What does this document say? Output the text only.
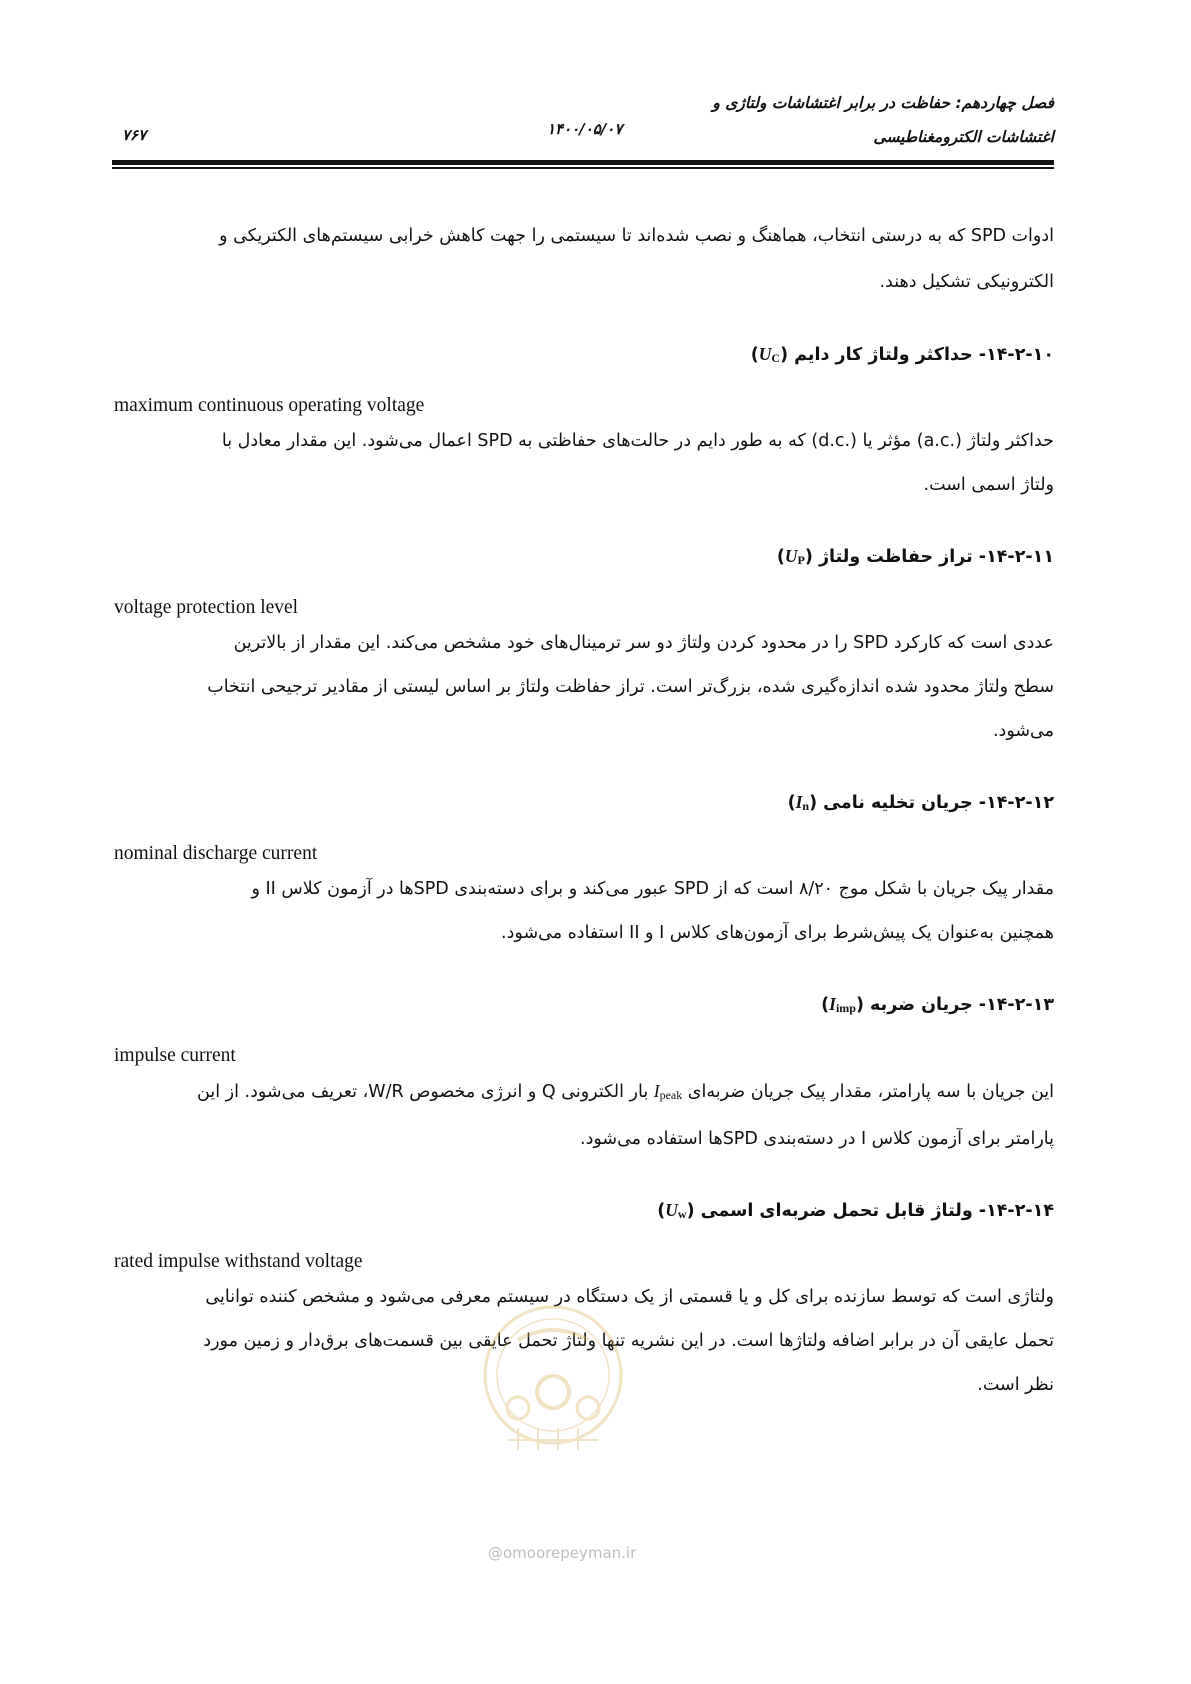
فصل چهاردهم: حفاظت در برابر اغتشاشات ولتاژی و
اغتشاشات الکترومغناطیسی
۱۴۰۰/۰۵/۰۷
۷۶۷

ادوات SPD که به درستی انتخاب، هماهنگ و نصب شده‌اند تا سیستمی را جهت کاهش خرابی سیستم‌های الکتریکی و
الکترونیکی تشکیل دهند.

۱۴-۲-۱۰- حداکثر ولتاژ کار دایم (UC)

maximum continuous operating voltage

حداکثر ولتاژ (.a.c) مؤثر یا (.d.c) که به طور دایم در حالت‌های حفاظتی به SPD اعمال می‌شود. این مقدار معادل با
ولتاژ اسمی است.

۱۴-۲-۱۱- تراز حفاظت ولتاژ (UP)

voltage protection level

عددی است که کارکرد SPD را در محدود کردن ولتاژ دو سر ترمینال‌های خود مشخص می‌کند. این مقدار از بالاترین
سطح ولتاژ محدود شده اندازه‌گیری شده، بزرگ‌تر است. تراز حفاظت ولتاژ بر اساس لیستی از مقادیر ترجیحی انتخاب
می‌شود.

۱۴-۲-۱۲- جریان تخلیه نامی (In)

nominal discharge current

مقدار پیک جریان با شکل موج ۸/۲۰ است که از SPD عبور می‌کند و برای دسته‌بندی SPDها در آزمون کلاس II و
همچنین به‌عنوان یک پیش‌شرط برای آزمون‌های کلاس I و II استفاده می‌شود.

۱۴-۲-۱۳- جریان ضربه (Iimp)

impulse current

این جریان با سه پارامتر، مقدار پیک جریان ضربه‌ای Ipeak بار الکترونی Q و انرژی مخصوص W/R، تعریف می‌شود. از این
پارامتر برای آزمون کلاس I در دسته‌بندی SPDها استفاده می‌شود.

۱۴-۲-۱۴- ولتاژ قابل تحمل ضربه‌ای اسمی (Uw)

rated impulse withstand voltage

ولتاژی است که توسط سازنده برای کل و یا قسمتی از یک دستگاه در سیستم معرفی می‌شود و مشخص کننده توانایی
تحمل عایقی آن در برابر اضافه ولتاژها است. در این نشریه تنها ولتاژ تحمل عایقی بین قسمت‌های برق‌دار و زمین مورد
نظر است.

@omoorepeyman.ir
